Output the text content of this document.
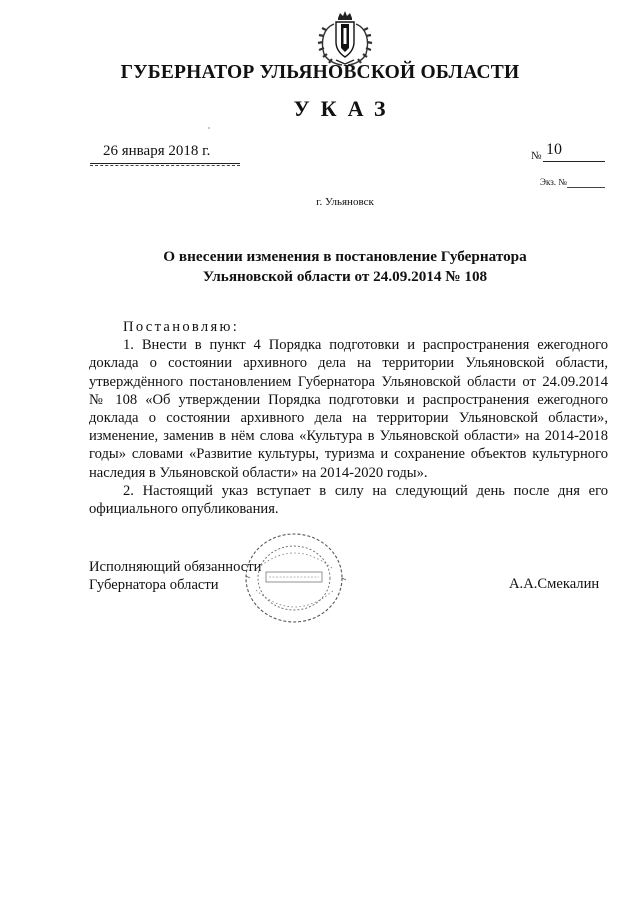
ГУБЕРНАТОР УЛЬЯНОВСКОЙ ОБЛАСТИ
УКАЗ
26 января 2018 г.	№ 10
Экз. №
г. Ульяновск
О внесении изменения в постановление Губернатора Ульяновской области от 24.09.2014 № 108

Постановляю:

1. Внести в пункт 4 Порядка подготовки и распространения ежегодного доклада о состоянии архивного дела на территории Ульяновской области, утверждённого постановлением Губернатора Ульяновской области от 24.09.2014 № 108 «Об утверждении Порядка подготовки и распространения ежегодного доклада о состоянии архивного дела на территории Ульяновской области», изменение, заменив в нём слова «Культура в Ульяновской области» на 2014-2018 годы» словами «Развитие культуры, туризма и сохранение объектов культурного наследия в Ульяновской области» на 2014-2020 годы».

2. Настоящий указ вступает в силу на следующий день после дня его официального опубликования.

Исполняющий обязанности
Губернатора области	А.А.Смекалин
